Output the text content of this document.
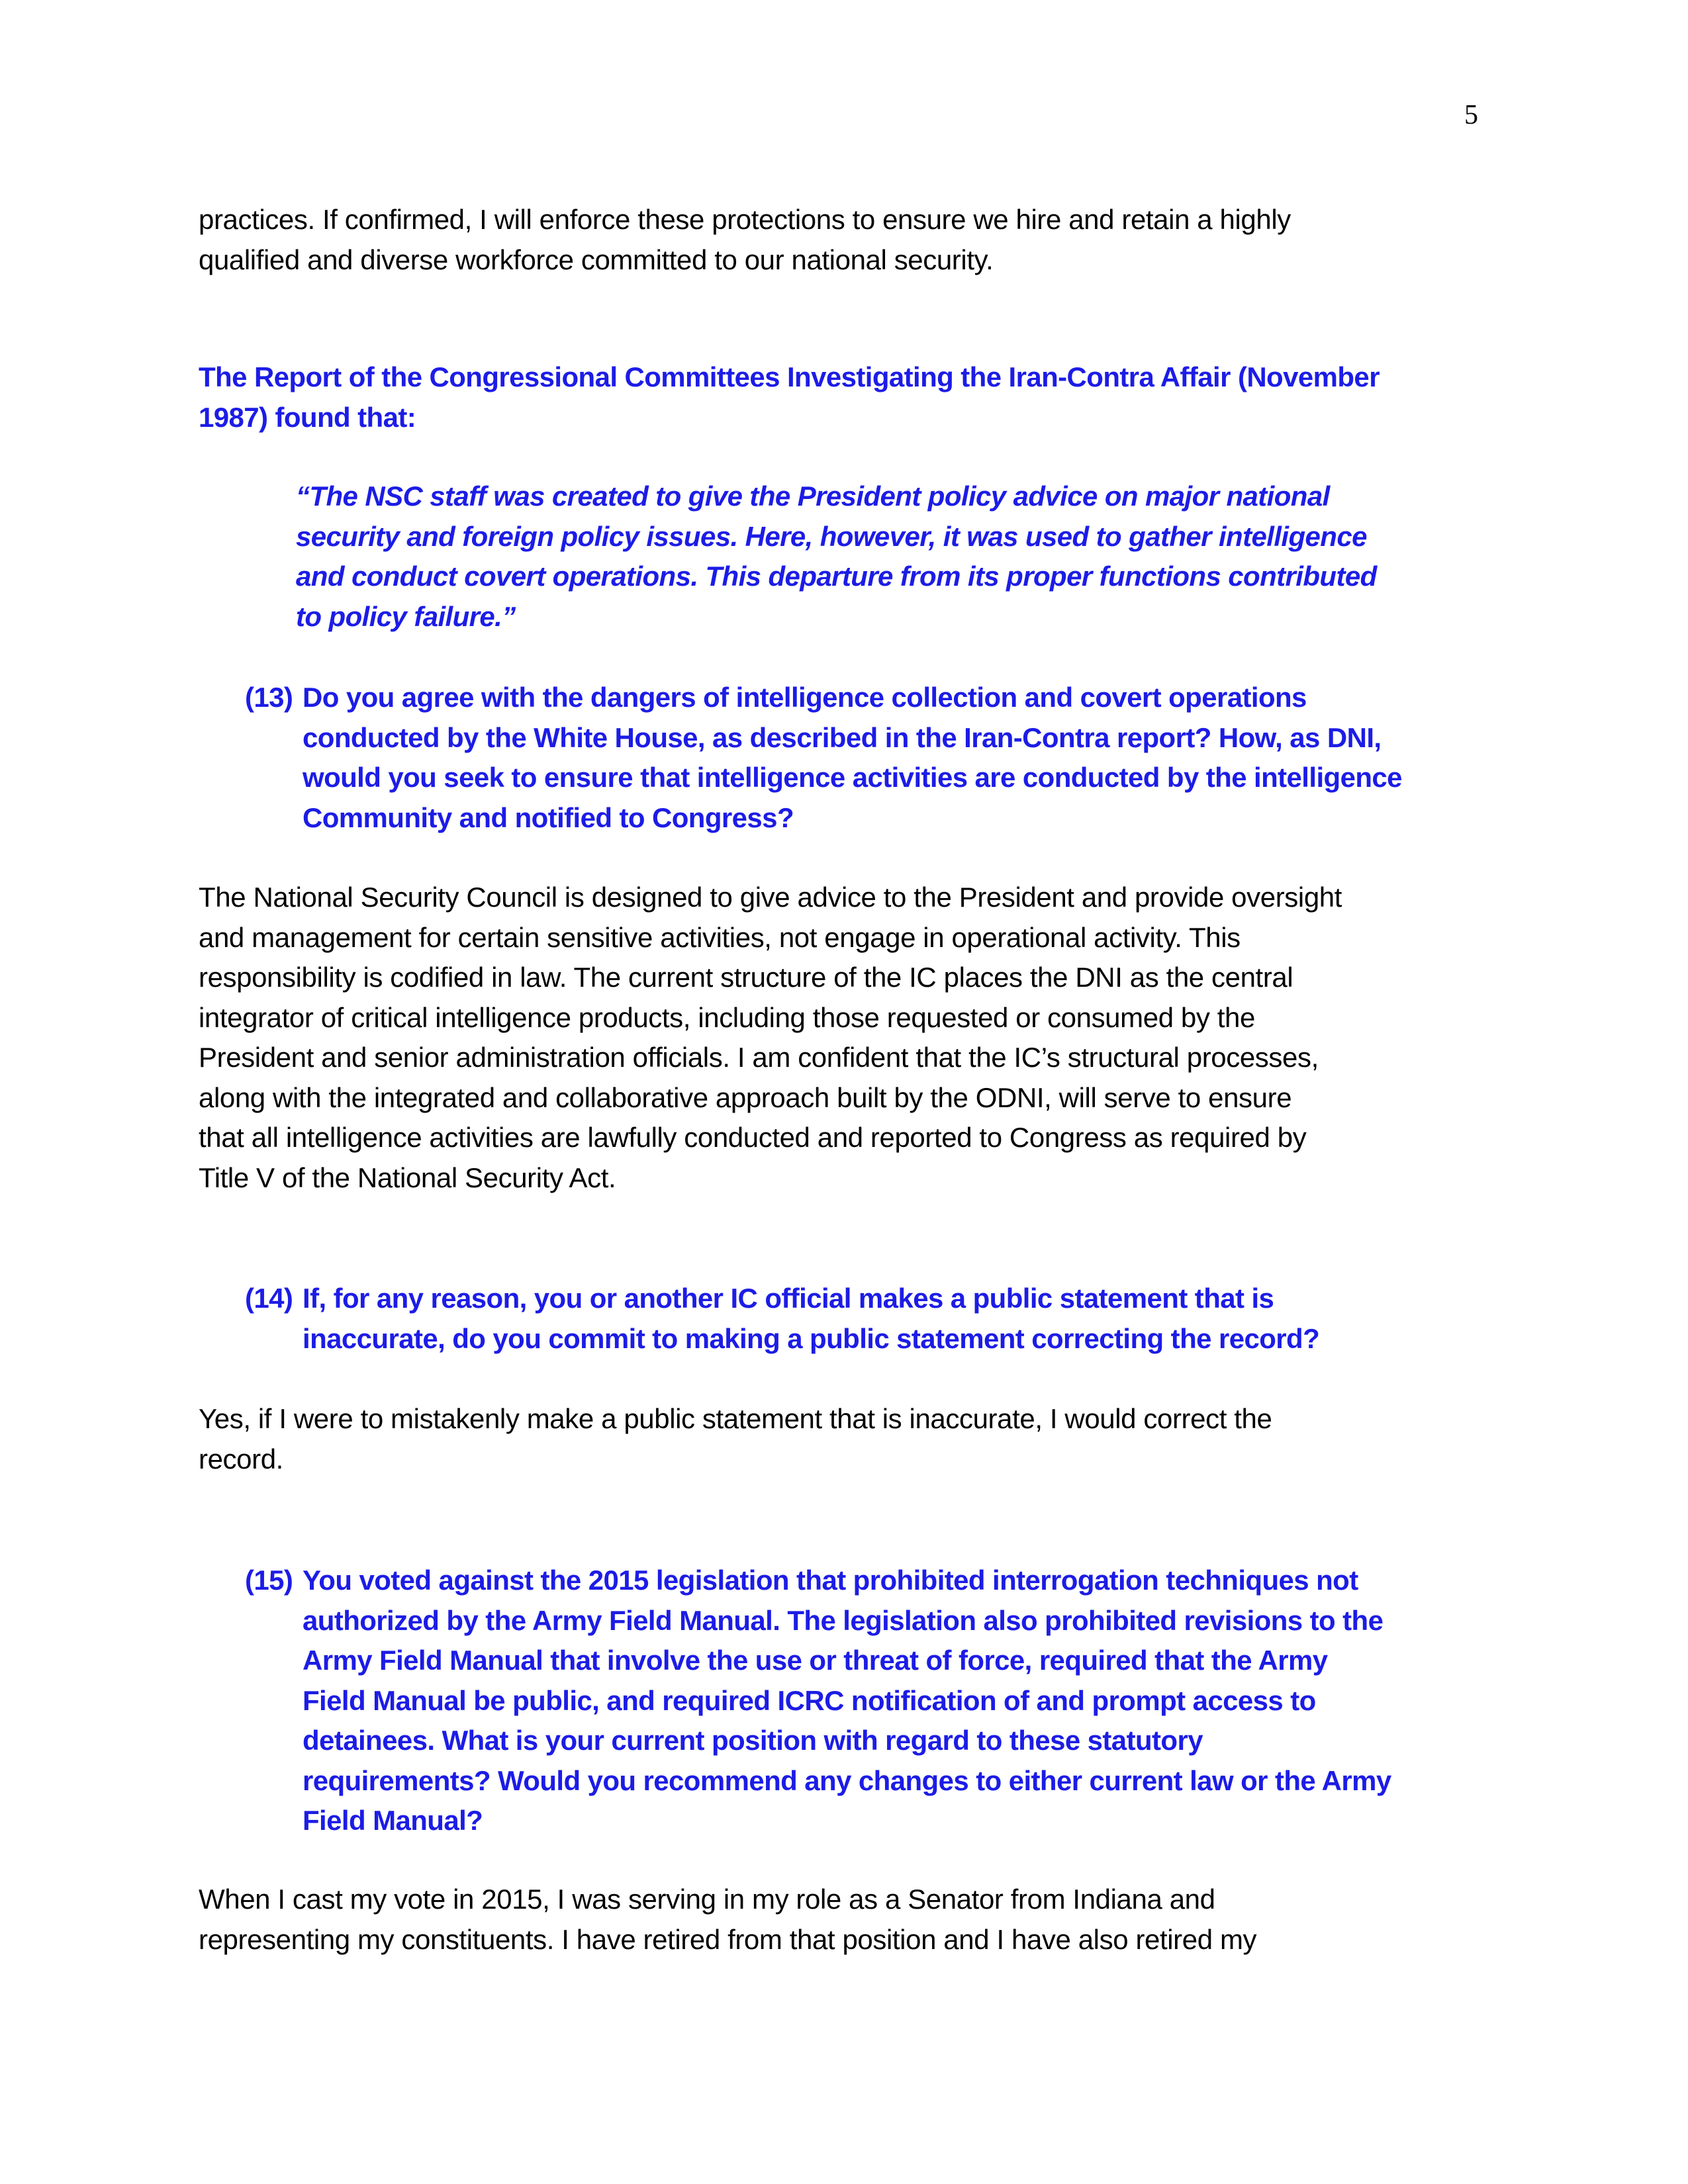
5
practices. If confirmed, I will enforce these protections to ensure we hire and retain a highly
qualified and diverse workforce committed to our national security.
The Report of the Congressional Committees Investigating the Iran-Contra Affair (November
1987) found that:
“The NSC staff was created to give the President policy advice on major national
security and foreign policy issues. Here, however, it was used to gather intelligence
and conduct covert operations. This departure from its proper functions contributed
to policy failure.”
(13) Do you agree with the dangers of intelligence collection and covert operations
conducted by the White House, as described in the Iran-Contra report? How, as DNI,
would you seek to ensure that intelligence activities are conducted by the intelligence
Community and notified to Congress?
The National Security Council is designed to give advice to the President and provide oversight
and management for certain sensitive activities, not engage in operational activity. This
responsibility is codified in law. The current structure of the IC places the DNI as the central
integrator of critical intelligence products, including those requested or consumed by the
President and senior administration officials. I am confident that the IC’s structural processes,
along with the integrated and collaborative approach built by the ODNI, will serve to ensure
that all intelligence activities are lawfully conducted and reported to Congress as required by
Title V of the National Security Act.
(14) If, for any reason, you or another IC official makes a public statement that is
inaccurate, do you commit to making a public statement correcting the record?
Yes, if I were to mistakenly make a public statement that is inaccurate, I would correct the
record.
(15) You voted against the 2015 legislation that prohibited interrogation techniques not
authorized by the Army Field Manual. The legislation also prohibited revisions to the
Army Field Manual that involve the use or threat of force, required that the Army
Field Manual be public, and required ICRC notification of and prompt access to
detainees. What is your current position with regard to these statutory
requirements? Would you recommend any changes to either current law or the Army
Field Manual?
When I cast my vote in 2015, I was serving in my role as a Senator from Indiana and
representing my constituents. I have retired from that position and I have also retired my
